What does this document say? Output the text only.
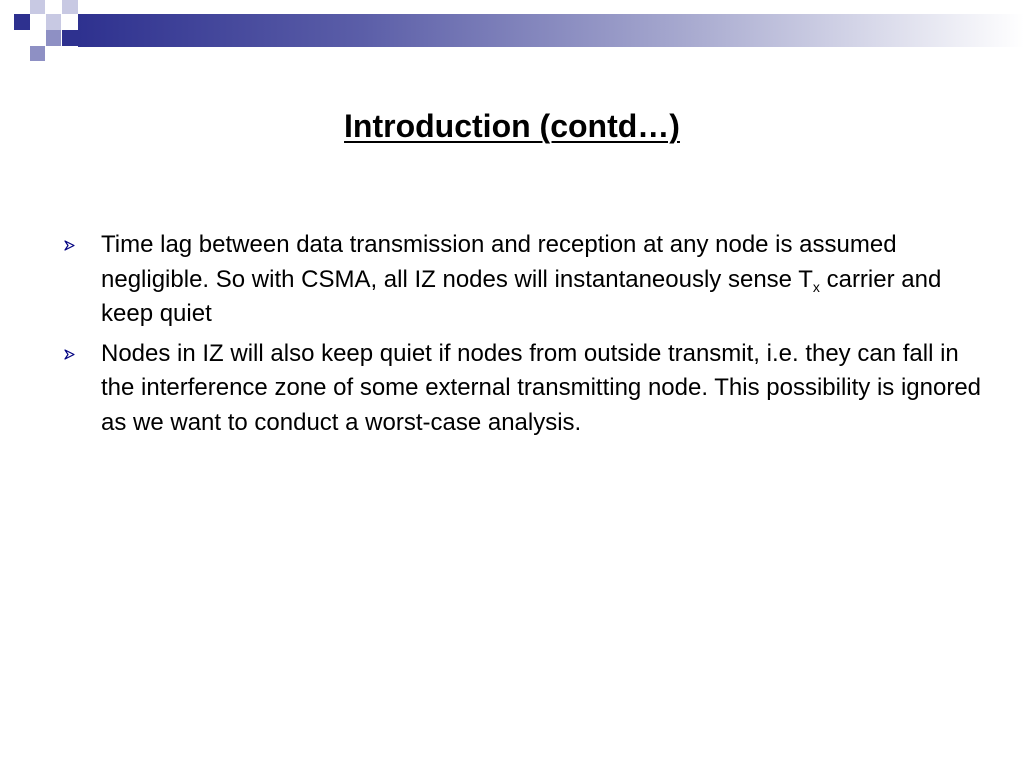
Introduction (contd…)
Time lag between data transmission and reception at any node is assumed negligible. So with CSMA, all IZ nodes will instantaneously sense $T_x$ carrier and keep quiet
Nodes in IZ will also keep quiet if nodes from outside transmit, i.e. they can fall in the interference zone of some external transmitting node. This possibility is ignored as we want to conduct a worst-case analysis.
